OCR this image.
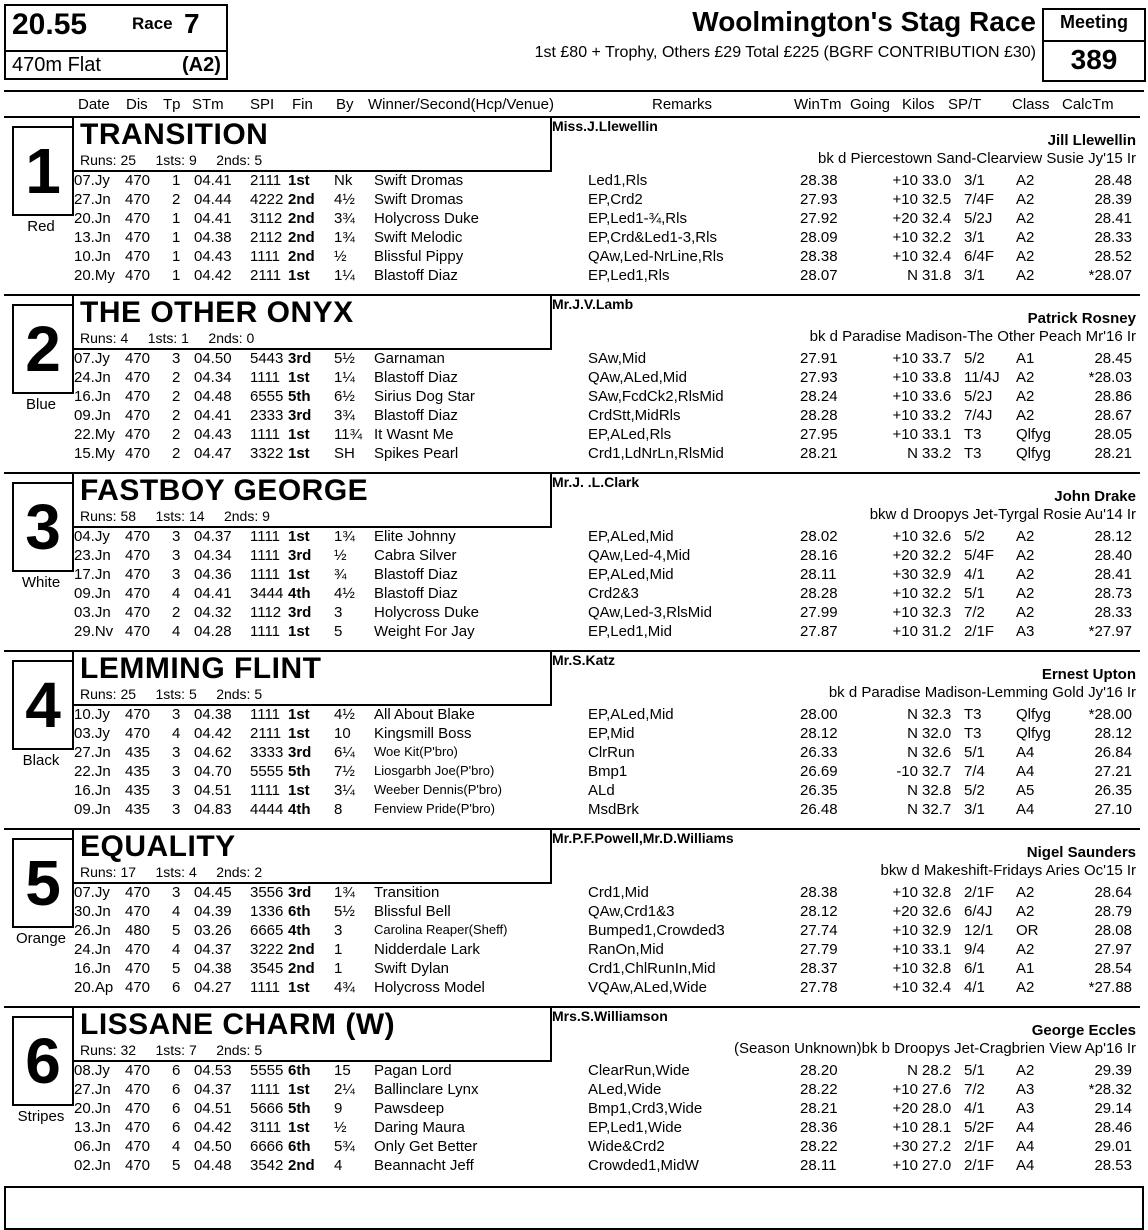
20.55	Race 7
470m Flat	(A2)
Woolmington's Stag Race
1st £80 + Trophy, Others £29 Total £225 (BGRF CONTRIBUTION £30)
Meeting
389
Date Dis Tp STm SPI Fin By Winner/Second(Hcp/Venue)	Remarks	WinTm Going Kilos SP/T Class CalcTm
1
Red
TRANSITION
Runs: 25 1sts: 9 2nds: 5
Miss.J.Llewellin
Jill Llewellin
bk d Piercestown Sand-Clearview Susie Jy'15 Ir
07.Jy 470 1 04.41 2111 1st Nk Swift Dromas	Led1,Rls	28.38	+10 33.0 3/1 A2	28.48
27.Jn 470 2 04.44 4222 2nd 4½ Swift Dromas	EP,Crd2	27.93	+10 32.5 7/4F A2	28.39
20.Jn 470 1 04.41 3112 2nd 3¾ Holycross Duke	EP,Led1-¾,Rls	27.92	+20 32.4 5/2J A2	28.41
13.Jn 470 1 04.38 2112 2nd 1¾ Swift Melodic	EP,Crd&Led1-3,Rls	28.09	+10 32.2 3/1 A2	28.33
10.Jn 470 1 04.43 1111 2nd ½ Blissful Pippy	QAw,Led-NrLine,Rls	28.38	+10 32.4 6/4F A2	28.52
20.My 470 1 04.42 2111 1st 1¼ Blastoff Diaz	EP,Led1,Rls	28.07	N 31.8 3/1 A2	*28.07
2
Blue
THE OTHER ONYX
Runs: 4 1sts: 1 2nds: 0
Mr.J.V.Lamb
Patrick Rosney
bk d Paradise Madison-The Other Peach Mr'16 Ir
07.Jy 470 3 04.50 5443 3rd 5½ Garnaman	SAw,Mid	27.91	+10 33.7 5/2 A1	28.45
24.Jn 470 2 04.34 1111 1st 1¼ Blastoff Diaz	QAw,ALed,Mid	27.93	+10 33.8 11/4J A2	*28.03
16.Jn 470 2 04.48 6555 5th 6½ Sirius Dog Star	SAw,FcdCk2,RlsMid	28.24	+10 33.6 5/2J A2	28.86
09.Jn 470 2 04.41 2333 3rd 3¾ Blastoff Diaz	CrdStt,MidRls	28.28	+10 33.2 7/4J A2	28.67
22.My 470 2 04.43 1111 1st 11¾ It Wasnt Me	EP,ALed,Rls	27.95	+10 33.1 T3 Qlfyg	28.05
15.My 470 2 04.47 3322 1st SH Spikes Pearl	Crd1,LdNrLn,RlsMid	28.21	N 33.2 T3 Qlfyg	28.21
3
White
FASTBOY GEORGE
Runs: 58 1sts: 14 2nds: 9
Mr.J. .L.Clark
John Drake
bkw d Droopys Jet-Tyrgal Rosie Au'14 Ir
04.Jy 470 3 04.37 1111 1st 1¾ Elite Johnny	EP,ALed,Mid	28.02	+10 32.6 5/2 A2	28.12
23.Jn 470 3 04.34 1111 3rd ½ Cabra Silver	QAw,Led-4,Mid	28.16	+20 32.2 5/4F A2	28.40
17.Jn 470 3 04.36 1111 1st ¾ Blastoff Diaz	EP,ALed,Mid	28.11	+30 32.9 4/1 A2	28.41
09.Jn 470 4 04.41 3444 4th 4½ Blastoff Diaz	Crd2&3	28.28	+10 32.2 5/1 A2	28.73
03.Jn 470 2 04.32 1112 3rd 3 Holycross Duke	QAw,Led-3,RlsMid	27.99	+10 32.3 7/2 A2	28.33
29.Nv 470 4 04.28 1111 1st 5 Weight For Jay	EP,Led1,Mid	27.87	+10 31.2 2/1F A3	*27.97
4
Black
LEMMING FLINT
Runs: 25 1sts: 5 2nds: 5
Mr.S.Katz
Ernest Upton
bk d Paradise Madison-Lemming Gold Jy'16 Ir
10.Jy 470 3 04.38 1111 1st 4½ All About Blake	EP,ALed,Mid	28.00	N 32.3 T3 Qlfyg	*28.00
03.Jy 470 4 04.42 2111 1st 10 Kingsmill Boss	EP,Mid	28.12	N 32.0 T3 Qlfyg	28.12
27.Jn 435 3 04.62 3333 3rd 6¼ Woe Kit(P'bro)	ClrRun	26.33	N 32.6 5/1 A4	26.84
22.Jn 435 3 04.70 5555 5th 7½ Liosgarbh Joe(P'bro)	Bmp1	26.69	-10 32.7 7/4 A4	27.21
16.Jn 435 3 04.51 1111 1st 3¼ Weeber Dennis(P'bro)	ALd	26.35	N 32.8 5/2 A5	26.35
09.Jn 435 3 04.83 4444 4th 8 Fenview Pride(P'bro)	MsdBrk	26.48	N 32.7 3/1 A4	27.10
5
Orange
EQUALITY
Runs: 17 1sts: 4 2nds: 2
Mr.P.F.Powell,Mr.D.Williams
Nigel Saunders
bkw d Makeshift-Fridays Aries Oc'15 Ir
07.Jy 470 3 04.45 3556 3rd 1¾ Transition	Crd1,Mid	28.38	+10 32.8 2/1F A2	28.64
30.Jn 470 4 04.39 1336 6th 5½ Blissful Bell	QAw,Crd1&3	28.12	+20 32.6 6/4J A2	28.79
26.Jn 480 5 03.26 6665 4th 3 Carolina Reaper(Sheff)	Bumped1,Crowded3	27.74	+10 32.9 12/1 OR	28.08
24.Jn 470 4 04.37 3222 2nd 1 Nidderdale Lark	RanOn,Mid	27.79	+10 33.1 9/4 A2	27.97
16.Jn 470 5 04.38 3545 2nd 1 Swift Dylan	Crd1,ChlRunIn,Mid	28.37	+10 32.8 6/1 A1	28.54
20.Ap 470 6 04.27 1111 1st 4¾ Holycross Model	VQAw,ALed,Wide	27.78	+10 32.4 4/1 A2	*27.88
6
Stripes
LISSANE CHARM (W)
Runs: 32 1sts: 7 2nds: 5
Mrs.S.Williamson
George Eccles
(Season Unknown)bk b Droopys Jet-Cragbrien View Ap'16 Ir
08.Jy 470 6 04.53 5555 6th 15 Pagan Lord	ClearRun,Wide	28.20	N 28.2 5/1 A2	29.39
27.Jn 470 6 04.37 1111 1st 2¼ Ballinclare Lynx	ALed,Wide	28.22	+10 27.6 7/2 A3	*28.32
20.Jn 470 6 04.51 5666 5th 9 Pawsdeep	Bmp1,Crd3,Wide	28.21	+20 28.0 4/1 A3	29.14
13.Jn 470 6 04.42 3111 1st ½ Daring Maura	EP,Led1,Wide	28.36	+10 28.1 5/2F A4	28.46
06.Jn 470 4 04.50 6666 6th 5¾ Only Get Better	Wide&Crd2	28.22	+30 27.2 2/1F A4	29.01
02.Jn 470 5 04.48 3542 2nd 4 Beannacht Jeff	Crowded1,MidW	28.11	+10 27.0 2/1F A4	28.53
